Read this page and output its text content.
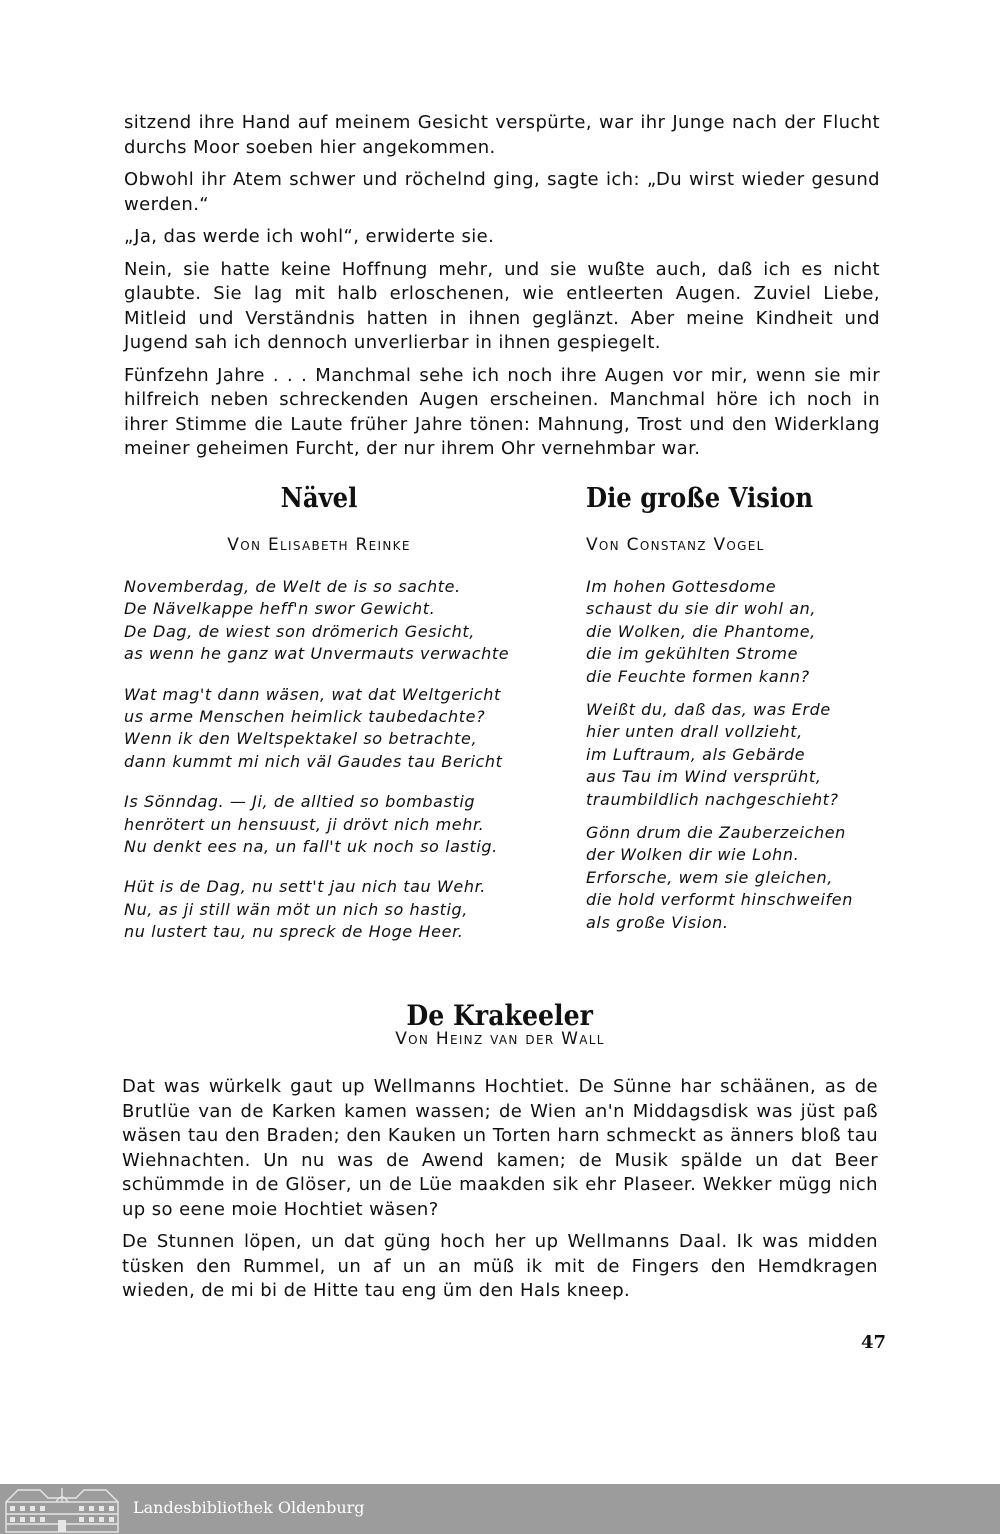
sitzend ihre Hand auf meinem Gesicht verspürte, war ihr Junge nach der Flucht durchs Moor soeben hier angekommen.

Obwohl ihr Atem schwer und röchelnd ging, sagte ich: „Du wirst wieder gesund werden.“

„Ja, das werde ich wohl“, erwiderte sie.

Nein, sie hatte keine Hoffnung mehr, und sie wußte auch, daß ich es nicht glaubte. Sie lag mit halb erloschenen, wie entleerten Augen. Zuviel Liebe, Mitleid und Verständnis hatten in ihnen geglänzt. Aber meine Kindheit und Jugend sah ich dennoch unverlierbar in ihnen gespiegelt.

Fünfzehn Jahre . . . Manchmal sehe ich noch ihre Augen vor mir, wenn sie mir hilfreich neben schreckenden Augen erscheinen. Manchmal höre ich noch in ihrer Stimme die Laute früher Jahre tönen: Mahnung, Trost und den Widerklang meiner geheimen Furcht, der nur ihrem Ohr vernehmbar war.

Nävel
Von Elisabeth Reinke
Novemberdag, de Welt de is so sachte.
De Nävelkappe heff'n swor Gewicht.
De Dag, de wiest son drömerich Gesicht,
as wenn he ganz wat Unvermauts verwachte
Wat mag't dann wäsen, wat dat Weltgericht
us arme Menschen heimlick taubedachte?
Wenn ik den Weltspektakel so betrachte,
dann kummt mi nich väl Gaudes tau Bericht
Is Sönndag. — Ji, de alltied so bombastig
henrötert un hensuust, ji drövt nich mehr.
Nu denkt ees na, un fall't uk noch so lastig.
Hüt is de Dag, nu sett't jau nich tau Wehr.
Nu, as ji still wän möt un nich so hastig,
nu lustert tau, nu spreck de Hoge Heer.
Die große Vision
Von Constanz Vogel
Im hohen Gottesdome
schaust du sie dir wohl an,
die Wolken, die Phantome,
die im gekühlten Strome
die Feuchte formen kann?
Weißt du, daß das, was Erde
hier unten drall vollzieht,
im Luftraum, als Gebärde
aus Tau im Wind versprüht,
traumbildlich nachgeschieht?
Gönn drum die Zauberzeichen
der Wolken dir wie Lohn.
Erforsche, wem sie gleichen,
die hold verformt hinschweifen
als große Vision.
De Krakeeler
Von Heinz van der Wall

Dat was würkelk gaut up Wellmanns Hochtiet. De Sünne har schäänen, as de Brutlüe van de Karken kamen wassen; de Wien an'n Middagsdisk was jüst paß wäsen tau den Braden; den Kauken un Torten harn schmeckt as änners bloß tau Wiehnachten. Un nu was de Awend kamen; de Musik spälde un dat Beer schümmde in de Glöser, un de Lüe maakden sik ehr Plaseer. Wekker mügg nich up so eene moie Hochtiet wäsen?

De Stunnen löpen, un dat güng hoch her up Wellmanns Daal. Ik was midden tüsken den Rummel, un af un an müß ik mit de Fingers den Hemdkragen wieden, de mi bi de Hitte tau eng üm den Hals kneep.

47
Landesbibliothek Oldenburg
